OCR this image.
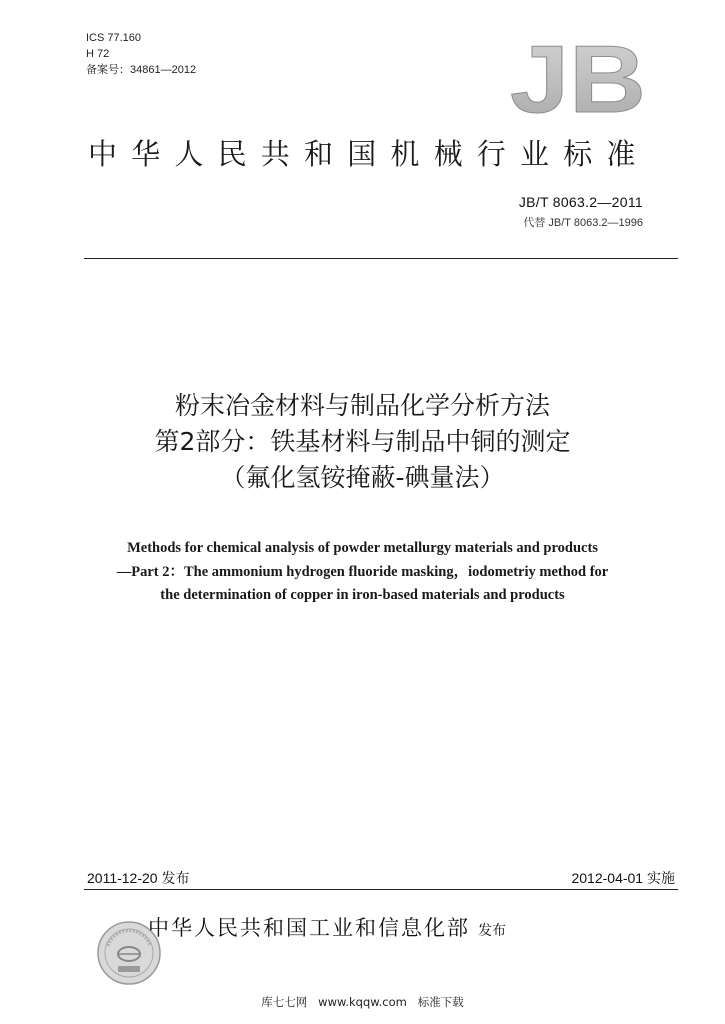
ICS 77.160
H 72
备案号：34861—2012	JB
中华人民共和国机械行业标准
JB/T 8063.2—2011
代替 JB/T 8063.2—1996
粉末冶金材料与制品化学分析方法
第2部分：铁基材料与制品中铜的测定
（氟化氢铵掩蔽-碘量法）
Methods for chemical analysis of powder metallurgy materials and products
—Part 2：The ammonium hydrogen fluoride masking，iodometriy method for
the determination of copper in iron-based materials and products
2011-12-20 发布	2012-04-01 实施
中华人民共和国工业和信息化部 发布
库七七网   www.kqqw.com   标准下载
